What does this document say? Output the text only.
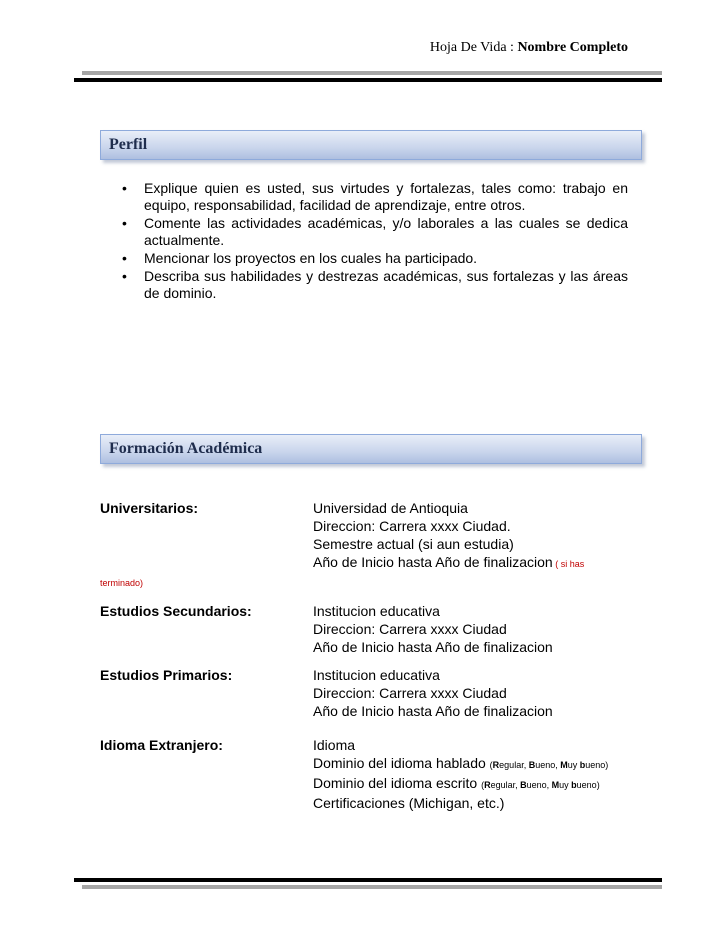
Hoja De Vida : Nombre Completo
Perfil
• Explique quien es usted, sus virtudes y fortalezas, tales como: trabajo en equipo, responsabilidad, facilidad de aprendizaje, entre otros.
• Comente las actividades académicas, y/o laborales a las cuales se dedica actualmente.
• Mencionar los proyectos en los cuales ha participado.
• Describa sus habilidades y destrezas académicas, sus fortalezas y las áreas de dominio.
Formación Académica
Universitarios:	Universidad de Antioquia
Direccion: Carrera xxxx Ciudad.
Semestre actual (si aun estudia)
Año de Inicio hasta Año de finalizacion ( si has
terminado)
Estudios Secundarios:	Institucion educativa
Direccion: Carrera xxxx Ciudad
Año de Inicio hasta Año de finalizacion
Estudios Primarios:	Institucion educativa
Direccion: Carrera xxxx Ciudad
Año de Inicio hasta Año de finalizacion
Idioma Extranjero:	Idioma
Dominio del idioma hablado (Regular, Bueno, Muy bueno)
Dominio del idioma escrito (Regular, Bueno, Muy bueno)
Certificaciones (Michigan, etc.)
